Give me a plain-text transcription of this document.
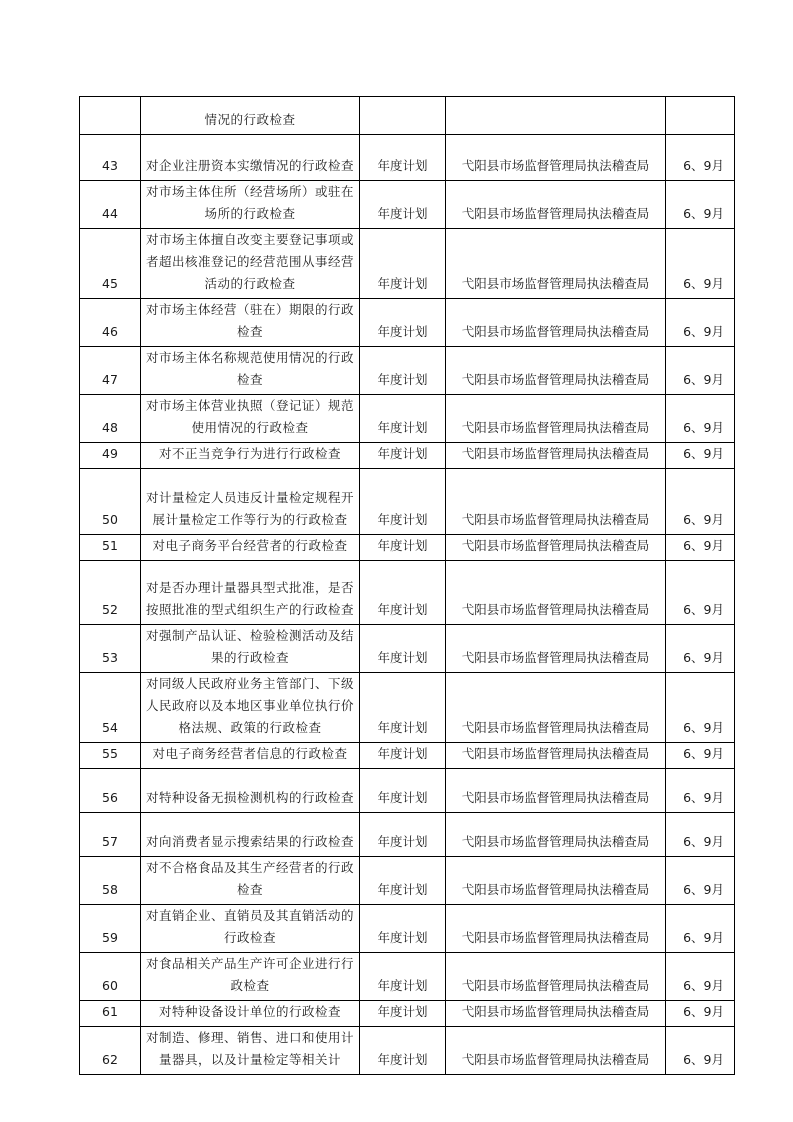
	情况的行政检查			
43	对企业注册资本实缴情况的行政检查	年度计划	弋阳县市场监督管理局执法稽查局	6、9月
44	对市场主体住所（经营场所）或驻在场所的行政检查	年度计划	弋阳县市场监督管理局执法稽查局	6、9月
45	对市场主体擅自改变主要登记事项或者超出核准登记的经营范围从事经营活动的行政检查	年度计划	弋阳县市场监督管理局执法稽查局	6、9月
46	对市场主体经营（驻在）期限的行政检查	年度计划	弋阳县市场监督管理局执法稽查局	6、9月
47	对市场主体名称规范使用情况的行政检查	年度计划	弋阳县市场监督管理局执法稽查局	6、9月
48	对市场主体营业执照（登记证）规范使用情况的行政检查	年度计划	弋阳县市场监督管理局执法稽查局	6、9月
49	对不正当竞争行为进行行政检查	年度计划	弋阳县市场监督管理局执法稽查局	6、9月
50	对计量检定人员违反计量检定规程开展计量检定工作等行为的行政检查	年度计划	弋阳县市场监督管理局执法稽查局	6、9月
51	对电子商务平台经营者的行政检查	年度计划	弋阳县市场监督管理局执法稽查局	6、9月
52	对是否办理计量器具型式批准，是否按照批准的型式组织生产的行政检查	年度计划	弋阳县市场监督管理局执法稽查局	6、9月
53	对强制产品认证、检验检测活动及结果的行政检查	年度计划	弋阳县市场监督管理局执法稽查局	6、9月
54	对同级人民政府业务主管部门、下级人民政府以及本地区事业单位执行价格法规、政策的行政检查	年度计划	弋阳县市场监督管理局执法稽查局	6、9月
55	对电子商务经营者信息的行政检查	年度计划	弋阳县市场监督管理局执法稽查局	6、9月
56	对特种设备无损检测机构的行政检查	年度计划	弋阳县市场监督管理局执法稽查局	6、9月
57	对向消费者显示搜索结果的行政检查	年度计划	弋阳县市场监督管理局执法稽查局	6、9月
58	对不合格食品及其生产经营者的行政检查	年度计划	弋阳县市场监督管理局执法稽查局	6、9月
59	对直销企业、直销员及其直销活动的行政检查	年度计划	弋阳县市场监督管理局执法稽查局	6、9月
60	对食品相关产品生产许可企业进行行政检查	年度计划	弋阳县市场监督管理局执法稽查局	6、9月
61	对特种设备设计单位的行政检查	年度计划	弋阳县市场监督管理局执法稽查局	6、9月
62	对制造、修理、销售、进口和使用计量器具，以及计量检定等相关计	年度计划	弋阳县市场监督管理局执法稽查局	6、9月
